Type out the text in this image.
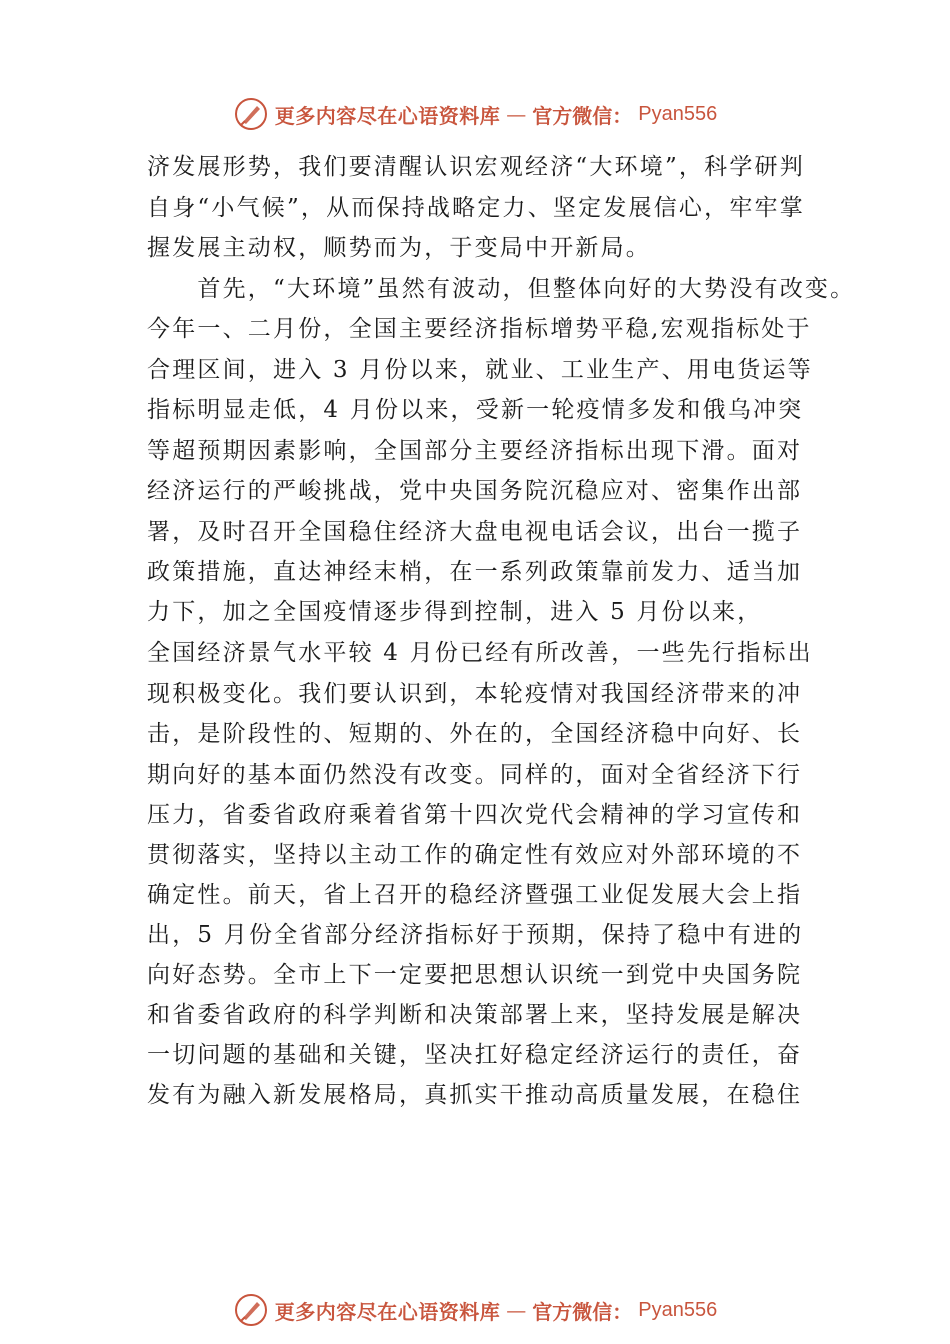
更多内容尽在心语资料库 — 官方微信： Pyan556
济发展形势，我们要清醒认识宏观经济“大环境”，科学研判
自身“小气候”，从而保持战略定力、坚定发展信心，牢牢掌
握发展主动权，顺势而为，于变局中开新局。
　　首先，“大环境”虽然有波动，但整体向好的大势没有改变。
今年一、二月份，全国主要经济指标增势平稳,宏观指标处于
合理区间，进入 3 月份以来，就业、工业生产、用电货运等
指标明显走低，4 月份以来，受新一轮疫情多发和俄乌冲突
等超预期因素影响，全国部分主要经济指标出现下滑。面对
经济运行的严峻挑战，党中央国务院沉稳应对、密集作出部
署，及时召开全国稳住经济大盘电视电话会议，出台一揽子
政策措施，直达神经末梢，在一系列政策靠前发力、适当加
力下，加之全国疫情逐步得到控制，进入 5 月份以来，
全国经济景气水平较 4 月份已经有所改善，一些先行指标出
现积极变化。我们要认识到，本轮疫情对我国经济带来的冲
击，是阶段性的、短期的、外在的，全国经济稳中向好、长
期向好的基本面仍然没有改变。同样的，面对全省经济下行
压力，省委省政府乘着省第十四次党代会精神的学习宣传和
贯彻落实，坚持以主动工作的确定性有效应对外部环境的不
确定性。前天，省上召开的稳经济暨强工业促发展大会上指
出，5 月份全省部分经济指标好于预期，保持了稳中有进的
向好态势。全市上下一定要把思想认识统一到党中央国务院
和省委省政府的科学判断和决策部署上来，坚持发展是解决
一切问题的基础和关键，坚决扛好稳定经济运行的责任，奋
发有为融入新发展格局，真抓实干推动高质量发展，在稳住
更多内容尽在心语资料库 — 官方微信： Pyan556
